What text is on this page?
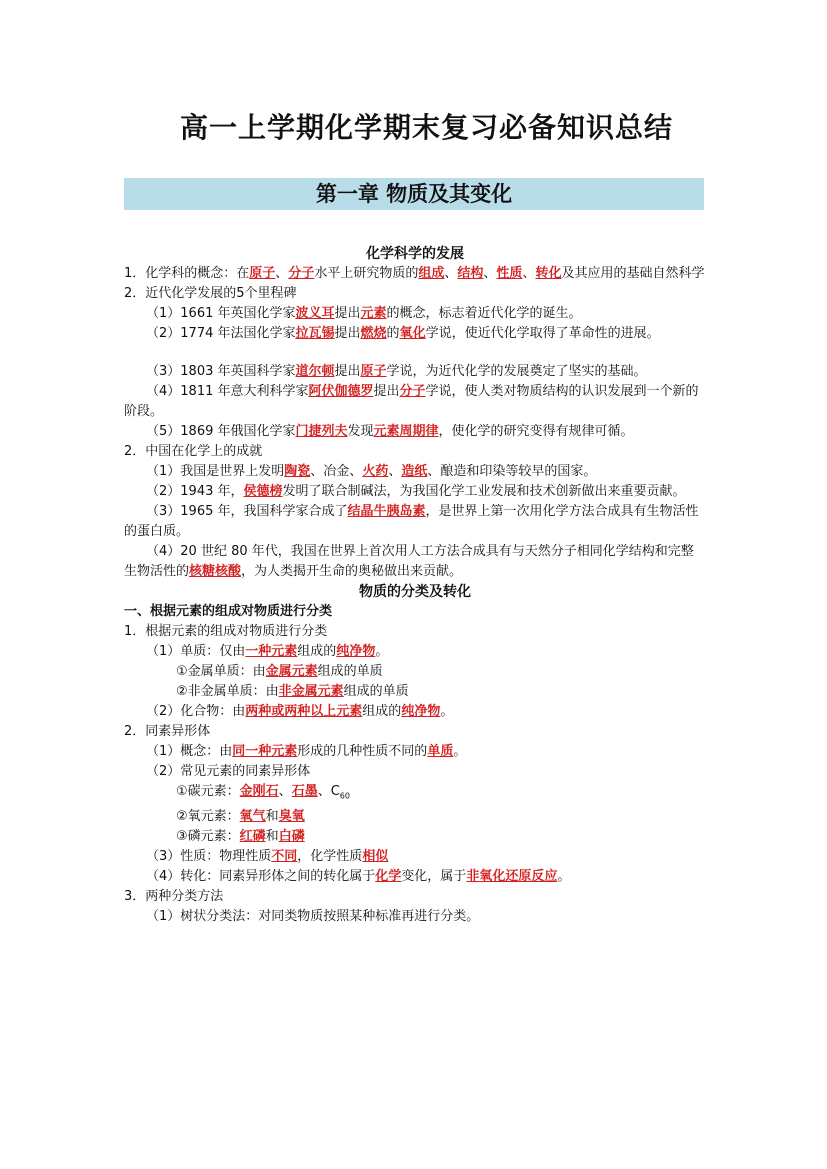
高一上学期化学期末复习必备知识总结
第一章 物质及其变化
化学科学的发展
1．化学科的概念：在原子、分子水平上研究物质的组成、结构、性质、转化及其应用的基础自然科学
2．近代化学发展的5个里程碑
（1）1661 年英国化学家波义耳提出元素的概念，标志着近代化学的诞生。
（2）1774 年法国化学家拉瓦锡提出燃烧的氧化学说，使近代化学取得了革命性的进展。
（3）1803 年英国科学家道尔顿提出原子学说，为近代化学的发展奠定了坚实的基础。
（4）1811 年意大利科学家阿伏伽德罗提出分子学说，使人类对物质结构的认识发展到一个新的阶段。
（5）1869 年俄国化学家门捷列夫发现元素周期律，使化学的研究变得有规律可循。
2．中国在化学上的成就
（1）我国是世界上发明陶瓷、冶金、火药、造纸、酿造和印染等较早的国家。
（2）1943 年，侯德榜发明了联合制碱法，为我国化学工业发展和技术创新做出来重要贡献。
（3）1965 年，我国科学家合成了结晶牛胰岛素，是世界上第一次用化学方法合成具有生物活性的蛋白质。
（4）20 世纪 80 年代，我国在世界上首次用人工方法合成具有与天然分子相同化学结构和完整生物活性的核糖核酸，为人类揭开生命的奥秘做出来贡献。
物质的分类及转化
一、根据元素的组成对物质进行分类
1．根据元素的组成对物质进行分类
（1）单质：仅由一种元素组成的纯净物。
①金属单质：由金属元素组成的单质
②非金属单质：由非金属元素组成的单质
（2）化合物：由两种或两种以上元素组成的纯净物。
2．同素异形体
（1）概念：由同一种元素形成的几种性质不同的单质。
（2）常见元素的同素异形体
①碳元素：金刚石、石墨、$C_{60}$
②氧元素：氧气和臭氧
③磷元素：红磷和白磷
（3）性质：物理性质不同，化学性质相似
（4）转化：同素异形体之间的转化属于化学变化，属于非氧化还原反应。
3．两种分类方法
（1）树状分类法：对同类物质按照某种标准再进行分类。
